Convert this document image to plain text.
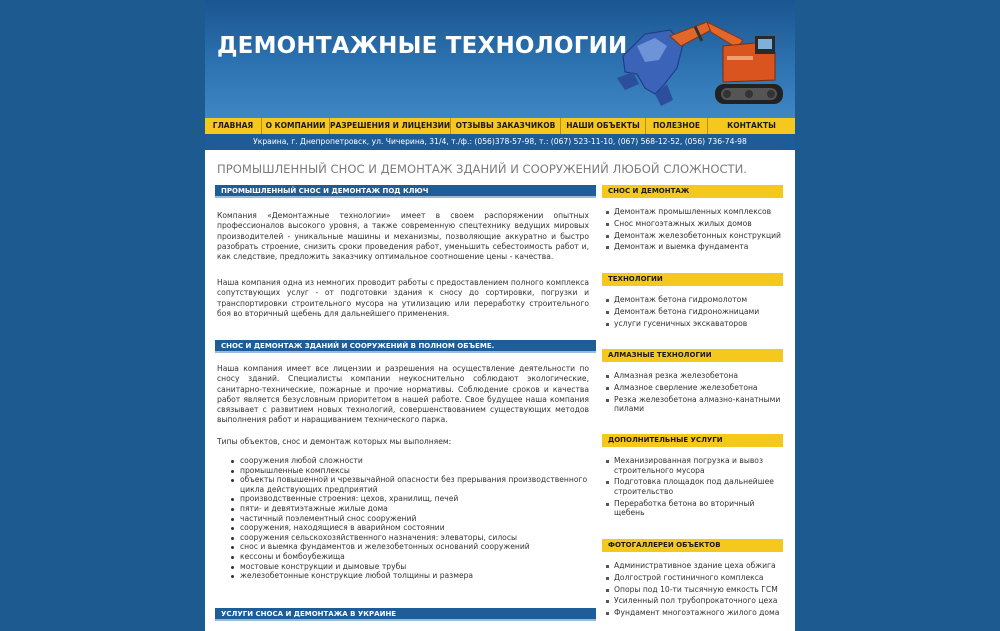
ДЕМОНТАЖНЫЕ ТЕХНОЛОГИИ
ГЛАВНАЯ	О КОМПАНИИ РАЗРЕШЕНИЯ И ЛИЦЕНЗИИ ОТЗЫВЫ ЗАКАЗЧИКОВ	НАШИ ОБЪЕКТЫ	ПОЛЕЗНОЕ	КОНТАКТЫ
Украина, г. Днепропетровск, ул. Чичерина, 31/4, т./ф.: (056)378-57-98, т.: (067) 523-11-10, (067) 568-12-52, (056) 736-74-98
ПРОМЫШЛЕННЫЙ СНОС И ДЕМОНТАЖ ЗДАНИЙ И СООРУЖЕНИЙ ЛЮБОЙ СЛОЖНОСТИ.
ПРОМЫШЛЕННЫЙ СНОС И ДЕМОНТАЖ ПОД КЛЮЧ

Компания «Демонтажные технологии» имеет в своем распоряжении опытных профессионалов высокого уровня, а также современную спецтехнику ведущих мировых производителей - уникальные машины и механизмы, позволяющие аккуратно и быстро разобрать строение, снизить сроки проведения работ, уменьшить себестоимость работ и, как следствие, предложить заказчику оптимальное соотношение цены - качества.

Наша компания одна из немногих проводит работы с предоставлением полного комплекса сопутствующих услуг - от подготовки здания к сносу до сортировки, погрузки и транспортировки строительного мусора на утилизацию или переработку строительного боя во вторичный щебень для дальнейшего применения.

СНОС И ДЕМОНТАЖ ЗДАНИЙ И СООРУЖЕНИЙ В ПОЛНОМ ОБЪЕМЕ.

Наша компания имеет все лицензии и разрешения на осуществление деятельности по сносу зданий. Специалисты компании неукоснительно соблюдают экологические, санитарно-технические, пожарные и прочие нормативы. Соблюдение сроков и качества работ является безусловным приоритетом в нашей работе. Свое будущее наша компания связывает с развитием новых технологий, совершенствованием существующих методов выполнения работ и наращиванием технического парка.

Типы объектов, снос и демонтаж которых мы выполняем:

сооружения любой сложности
промышленные комплексы
объекты повышенной и чрезвычайной опасности без прерывания производственного цикла действующих предприятий
производственные строения: цехов, хранилищ, печей
пяти- и девятиэтажные жилые дома
частичный поэлементный снос сооружений
сооружения, находящиеся в аварийном состоянии
сооружения сельскохозяйственного назначения: элеваторы, силосы
снос и выемка фундаментов и железобетонных оснований сооружений
кессоны и бомбоубежища
мостовые конструкции и дымовые трубы
железобетонные конструкцие любой толщины и размера
УСЛУГИ СНОСА И ДЕМОНТАЖА В УКРАИНЕ
СНОС И ДЕМОНТАЖ
Демонтаж промышленных комплексов
Снос многоэтажных жилых домов
Демонтаж железобетонных конструкций
Демонтаж и выемка фундамента
ТЕХНОЛОГИИ
Демонтаж бетона гидромолотом
Демонтаж бетона гидроножницами
услуги гусеничных экскаваторов
АЛМАЗНЫЕ ТЕХНОЛОГИИ
Алмазная резка железобетона
Алмазное сверление железобетона
Резка железобетона алмазно-канатными пилами
ДОПОЛНИТЕЛЬНЫЕ УСЛУГИ
Механизированная погрузка и вывоз строительного мусора
Подготовка площадок под дальнейшее строительство
Переработка бетона во вторичный щебень
ФОТОГАЛЛЕРЕИ ОБЪЕКТОВ
Административное здание цеха обжига
Долгострой гостиничного комплекса
Опоры под 10-ти тысячную емкость ГСМ
Усиленный пол трубопрокаточного цеха
Фундамент многоэтажного жилого дома
